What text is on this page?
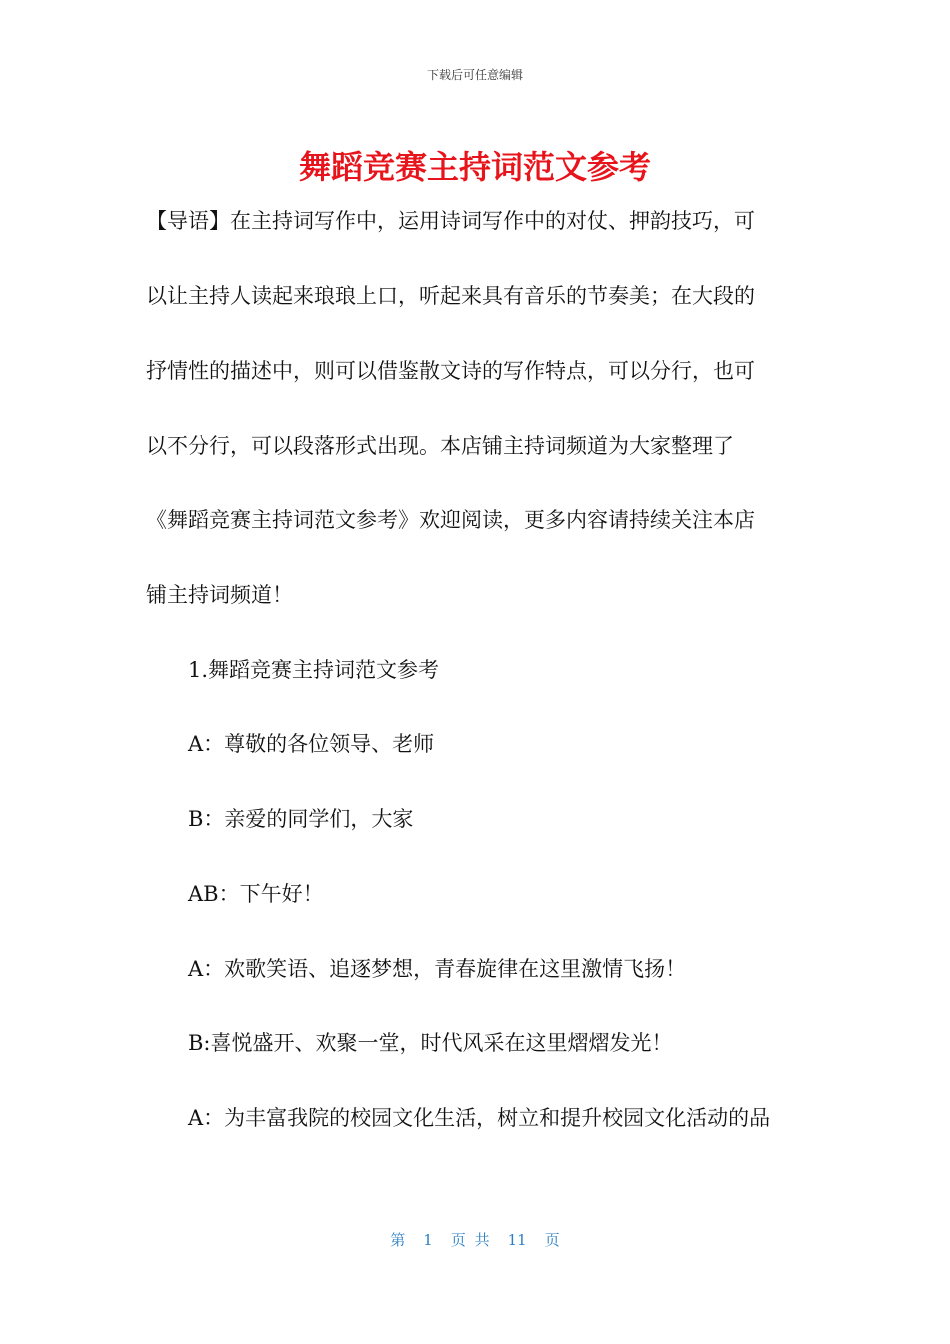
下载后可任意编辑
舞蹈竞赛主持词范文参考
【导语】在主持词写作中，运用诗词写作中的对仗、押韵技巧，可
以让主持人读起来琅琅上口，听起来具有音乐的节奏美；在大段的
抒情性的描述中，则可以借鉴散文诗的写作特点，可以分行，也可
以不分行，可以段落形式出现。本店铺主持词频道为大家整理了
《舞蹈竞赛主持词范文参考》欢迎阅读，更多内容请持续关注本店
铺主持词频道！
1.舞蹈竞赛主持词范文参考
A：尊敬的各位领导、老师
B：亲爱的同学们，大家
AB：下午好！
A：欢歌笑语、追逐梦想，青春旋律在这里激情飞扬！
B:喜悦盛开、欢聚一堂，时代风采在这里熠熠发光！
A：为丰富我院的校园文化生活，树立和提升校园文化活动的品
第 1 页 共 11 页
